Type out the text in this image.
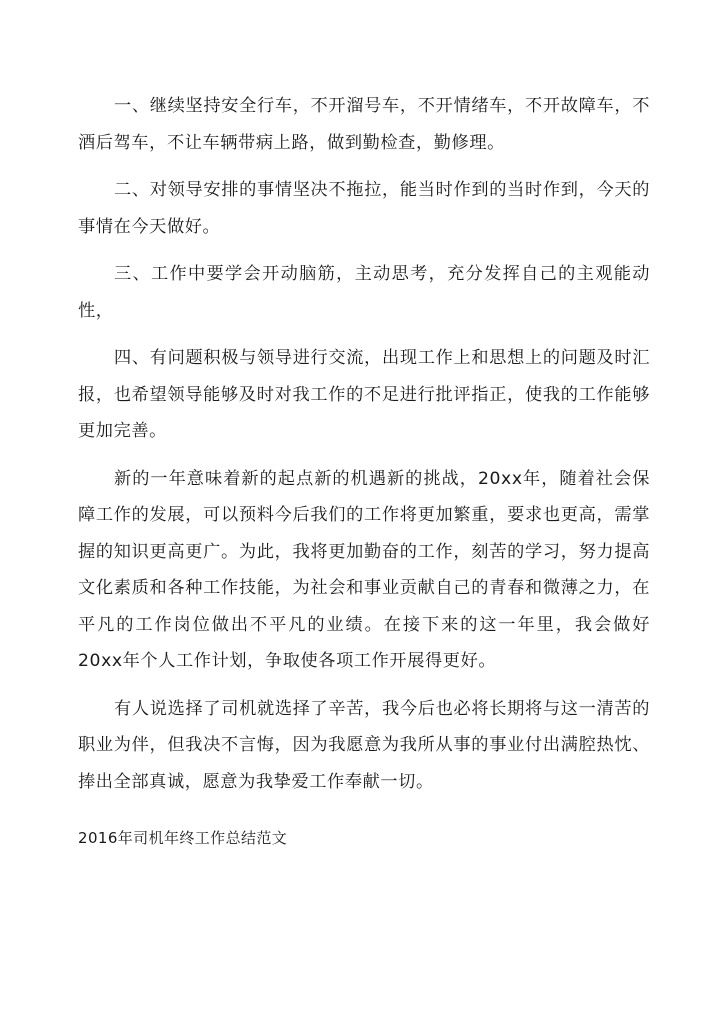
一、继续坚持安全行车，不开溜号车，不开情绪车，不开故障车，不酒后驾车，不让车辆带病上路，做到勤检查，勤修理。

二、对领导安排的事情坚决不拖拉，能当时作到的当时作到，今天的事情在今天做好。

三、工作中要学会开动脑筋，主动思考，充分发挥自己的主观能动性，

四、有问题积极与领导进行交流，出现工作上和思想上的问题及时汇报，也希望领导能够及时对我工作的不足进行批评指正，使我的工作能够更加完善。

新的一年意味着新的起点新的机遇新的挑战，20xx年，随着社会保障工作的发展，可以预料今后我们的工作将更加繁重，要求也更高，需掌握的知识更高更广。为此，我将更加勤奋的工作，刻苦的学习，努力提高文化素质和各种工作技能，为社会和事业贡献自己的青春和微薄之力，在平凡的工作岗位做出不平凡的业绩。在接下来的这一年里，我会做好20xx年个人工作计划，争取使各项工作开展得更好。

有人说选择了司机就选择了辛苦，我今后也必将长期将与这一清苦的职业为伴，但我决不言悔，因为我愿意为我所从事的事业付出满腔热忱、捧出全部真诚，愿意为我挚爱工作奉献一切。

2016年司机年终工作总结范文
